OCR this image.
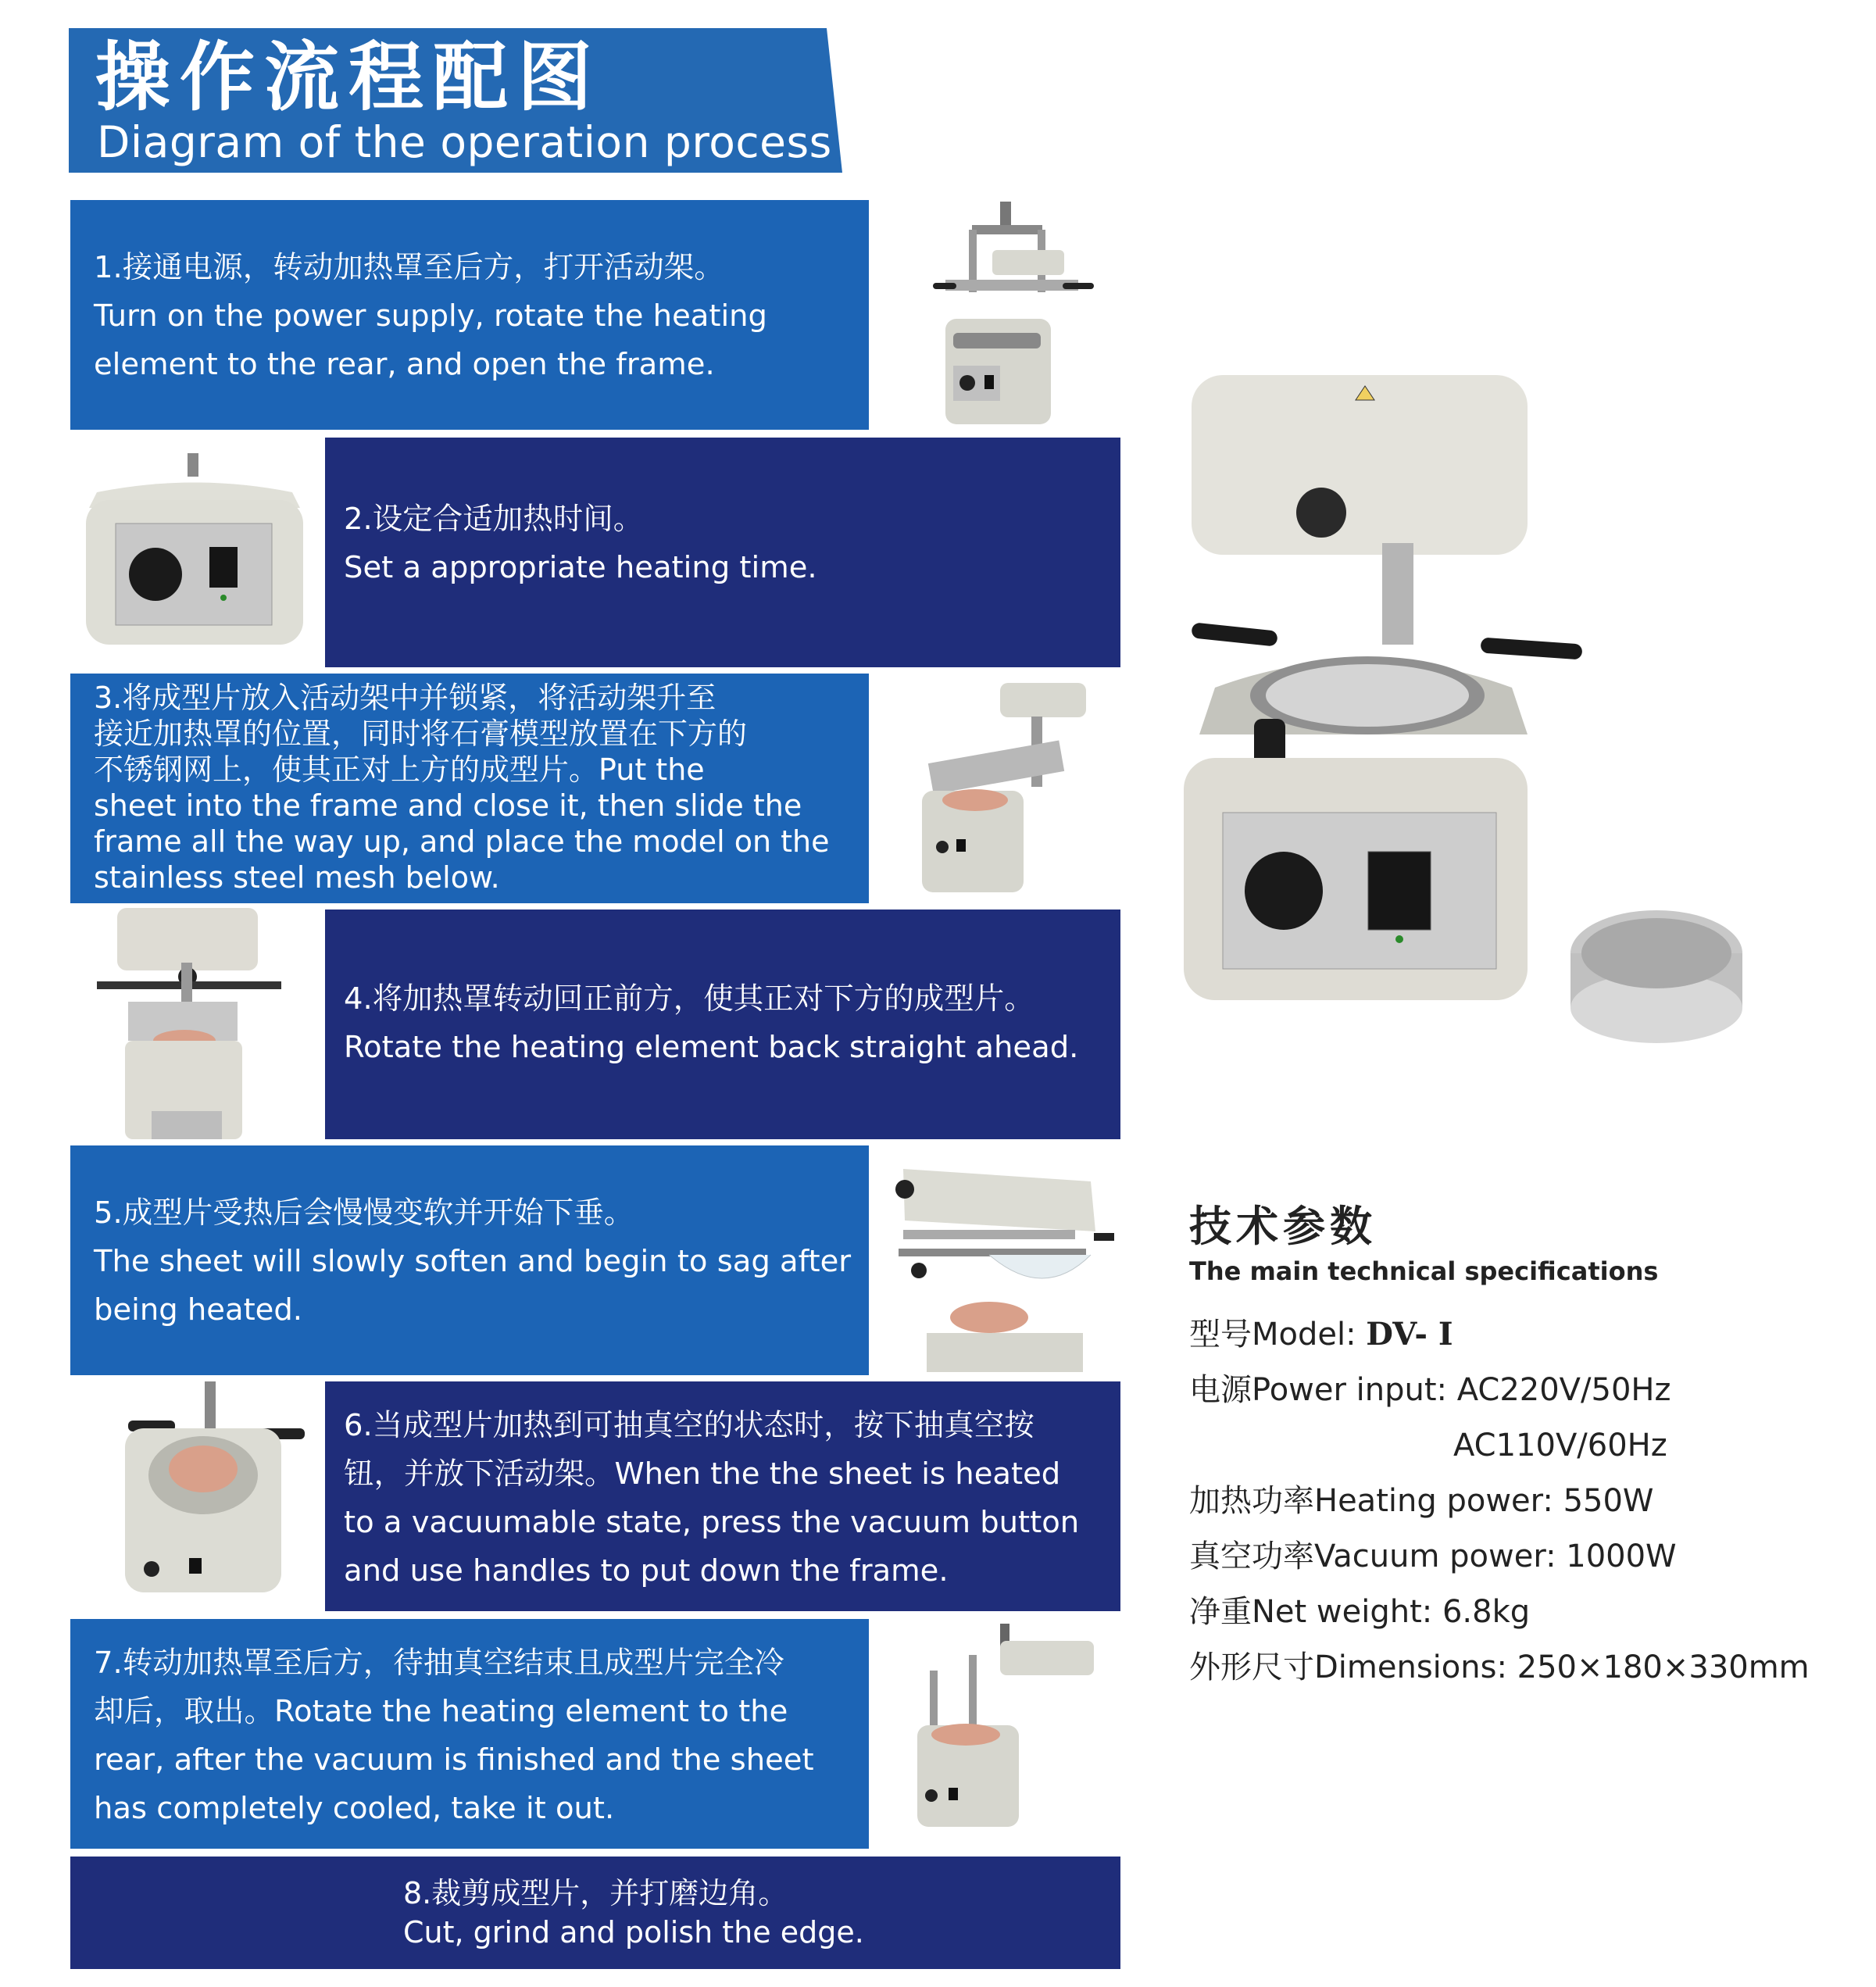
操作流程配图
Diagram of the operation process
1.接通电源，转动加热罩至后方，打开活动架。
Turn on the power supply, rotate the heating
element to the rear, and open the frame.
2.设定合适加热时间。
Set a appropriate heating time.
3.将成型片放入活动架中并锁紧，将活动架升至
接近加热罩的位置，同时将石膏模型放置在下方的
不锈钢网上，使其正对上方的成型片。Put the
sheet into the frame and close it, then slide the
frame all the way up, and place the model on the
stainless steel mesh below.
4.将加热罩转动回正前方，使其正对下方的成型片。
Rotate the heating element back straight ahead.
5.成型片受热后会慢慢变软并开始下垂。
The sheet will slowly soften and begin to sag after
being heated.
6.当成型片加热到可抽真空的状态时，按下抽真空按
钮，并放下活动架。When the the sheet is heated
to a vacuumable state, press the vacuum button
and use handles to put down the frame.
7.转动加热罩至后方，待抽真空结束且成型片完全冷
却后，取出。Rotate the heating element to the
rear, after the vacuum is finished and the sheet
has completely cooled, take it out.
8.裁剪成型片，并打磨边角。
Cut, grind and polish the edge.
技术参数
The main technical specifications
型号Model: DV- I
电源Power input: AC220V/50Hz
AC110V/60Hz
加热功率Heating power: 550W
真空功率Vacuum power: 1000W
净重Net weight: 6.8kg
外形尺寸Dimensions: 250×180×330mm
